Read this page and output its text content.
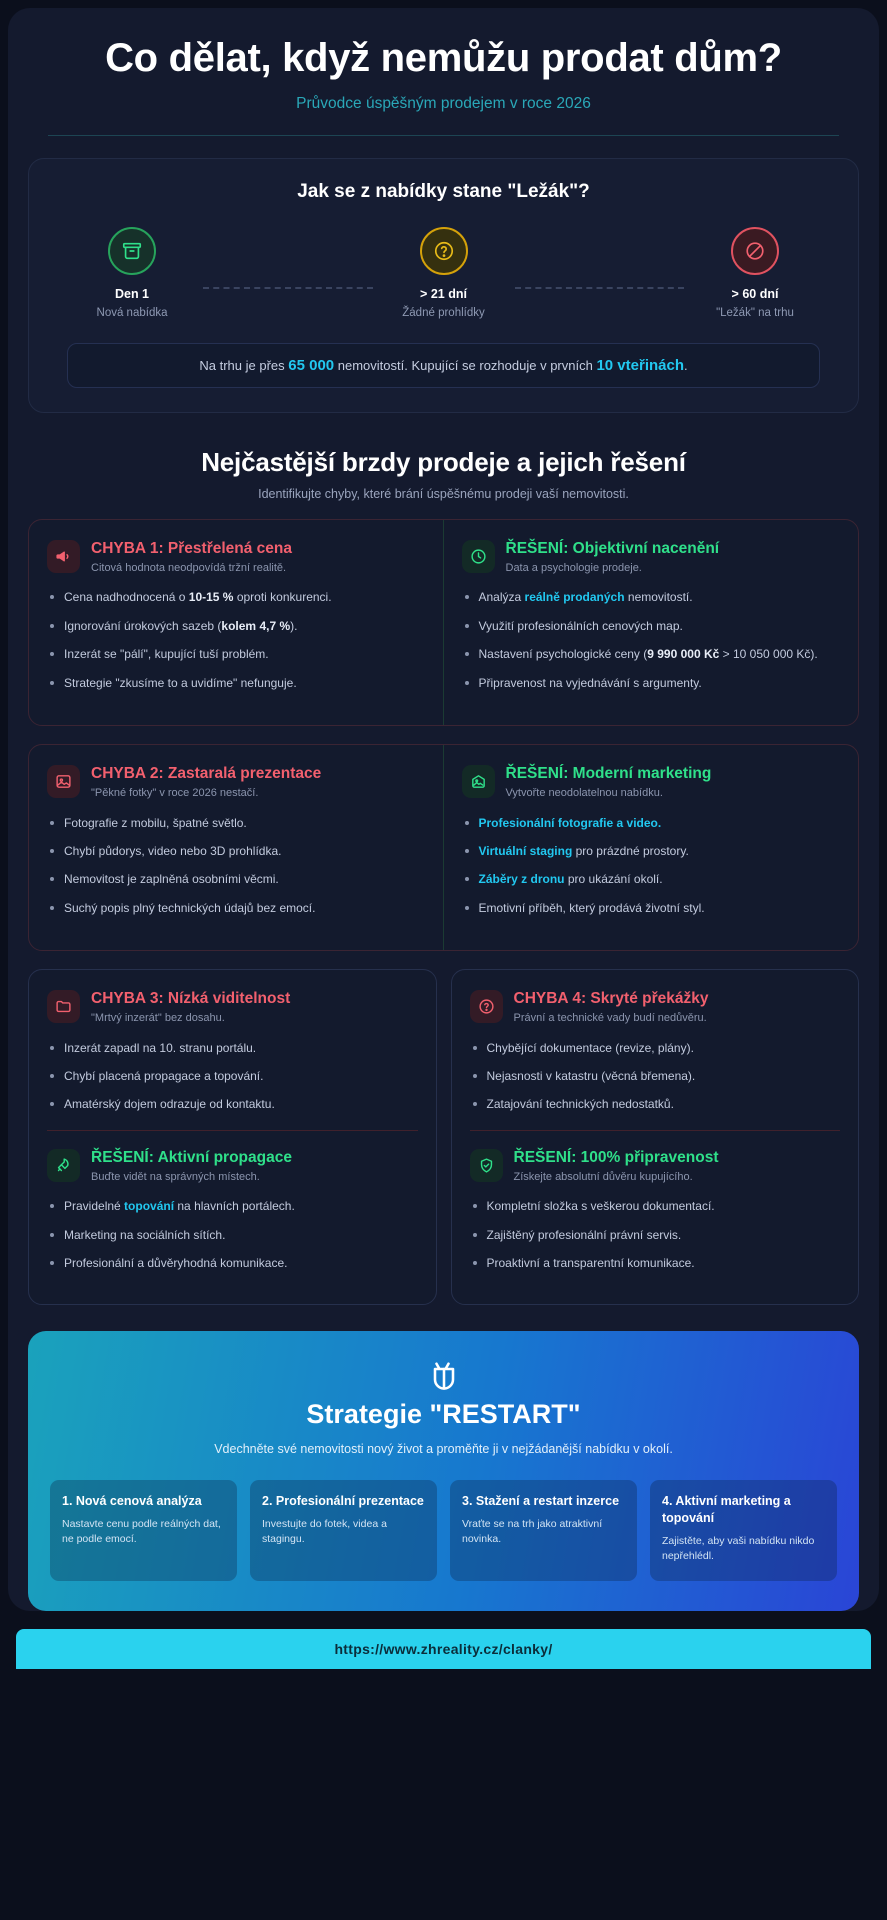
Co dělat, když nemůžu prodat dům?
Průvodce úspěšným prodejem v roce 2026
Jak se z nabídky stane "Ležák"?
Den 1
Nová nabídka
> 21 dní
Žádné prohlídky
> 60 dní
"Ležák" na trhu
Na trhu je přes 65 000 nemovitostí. Kupující se rozhoduje v prvních 10 vteřinách.
Nejčastější brzdy prodeje a jejich řešení

Identifikujte chyby, které brání úspěšnému prodeji vaší nemovitosti.

CHYBA 1: Přestřelená cena
Citová hodnota neodpovídá tržní realitě.
Cena nadhodnocená o 10-15 % oproti konkurenci.
Ignorování úrokových sazeb (kolem 4,7 %).
Inzerát se "pálí", kupující tuší problém.
Strategie "zkusíme to a uvidíme" nefunguje.
ŘEŠENÍ: Objektivní nacenění
Data a psychologie prodeje.
Analýza reálně prodaných nemovitostí.
Využití profesionálních cenových map.
Nastavení psychologické ceny (9 990 000 Kč > 10 050 000 Kč).
Připravenost na vyjednávání s argumenty.
CHYBA 2: Zastaralá prezentace
"Pěkné fotky" v roce 2026 nestačí.
Fotografie z mobilu, špatné světlo.
Chybí půdorys, video nebo 3D prohlídka.
Nemovitost je zaplněná osobními věcmi.
Suchý popis plný technických údajů bez emocí.
ŘEŠENÍ: Moderní marketing
Vytvořte neodolatelnou nabídku.
Profesionální fotografie a video.
Virtuální staging pro prázdné prostory.
Záběry z dronu pro ukázání okolí.
Emotivní příběh, který prodává životní styl.
CHYBA 3: Nízká viditelnost
"Mrtvý inzerát" bez dosahu.
Inzerát zapadl na 10. stranu portálu.
Chybí placená propagace a topování.
Amatérský dojem odrazuje od kontaktu.
ŘEŠENÍ: Aktivní propagace
Buďte vidět na správných místech.
Pravidelné topování na hlavních portálech.
Marketing na sociálních sítích.
Profesionální a důvěryhodná komunikace.
CHYBA 4: Skryté překážky
Právní a technické vady budí nedůvěru.
Chybějící dokumentace (revize, plány).
Nejasnosti v katastru (věcná břemena).
Zatajování technických nedostatků.
ŘEŠENÍ: 100% připravenost
Získejte absolutní důvěru kupujícího.
Kompletní složka s veškerou dokumentací.
Zajištěný profesionální právní servis.
Proaktivní a transparentní komunikace.
Strategie "RESTART"

Vdechněte své nemovitosti nový život a proměňte ji v nejžádanější nabídku v okolí.

1. Nová cenová analýza

Nastavte cenu podle reálných dat, ne podle emocí.

2. Profesionální prezentace

Investujte do fotek, videa a stagingu.

3. Stažení a restart inzerce

Vraťte se na trh jako atraktivní novinka.

4. Aktivní marketing a topování

Zajistěte, aby vaši nabídku nikdo nepřehlédl.

https://www.zhreality.cz/clanky/
